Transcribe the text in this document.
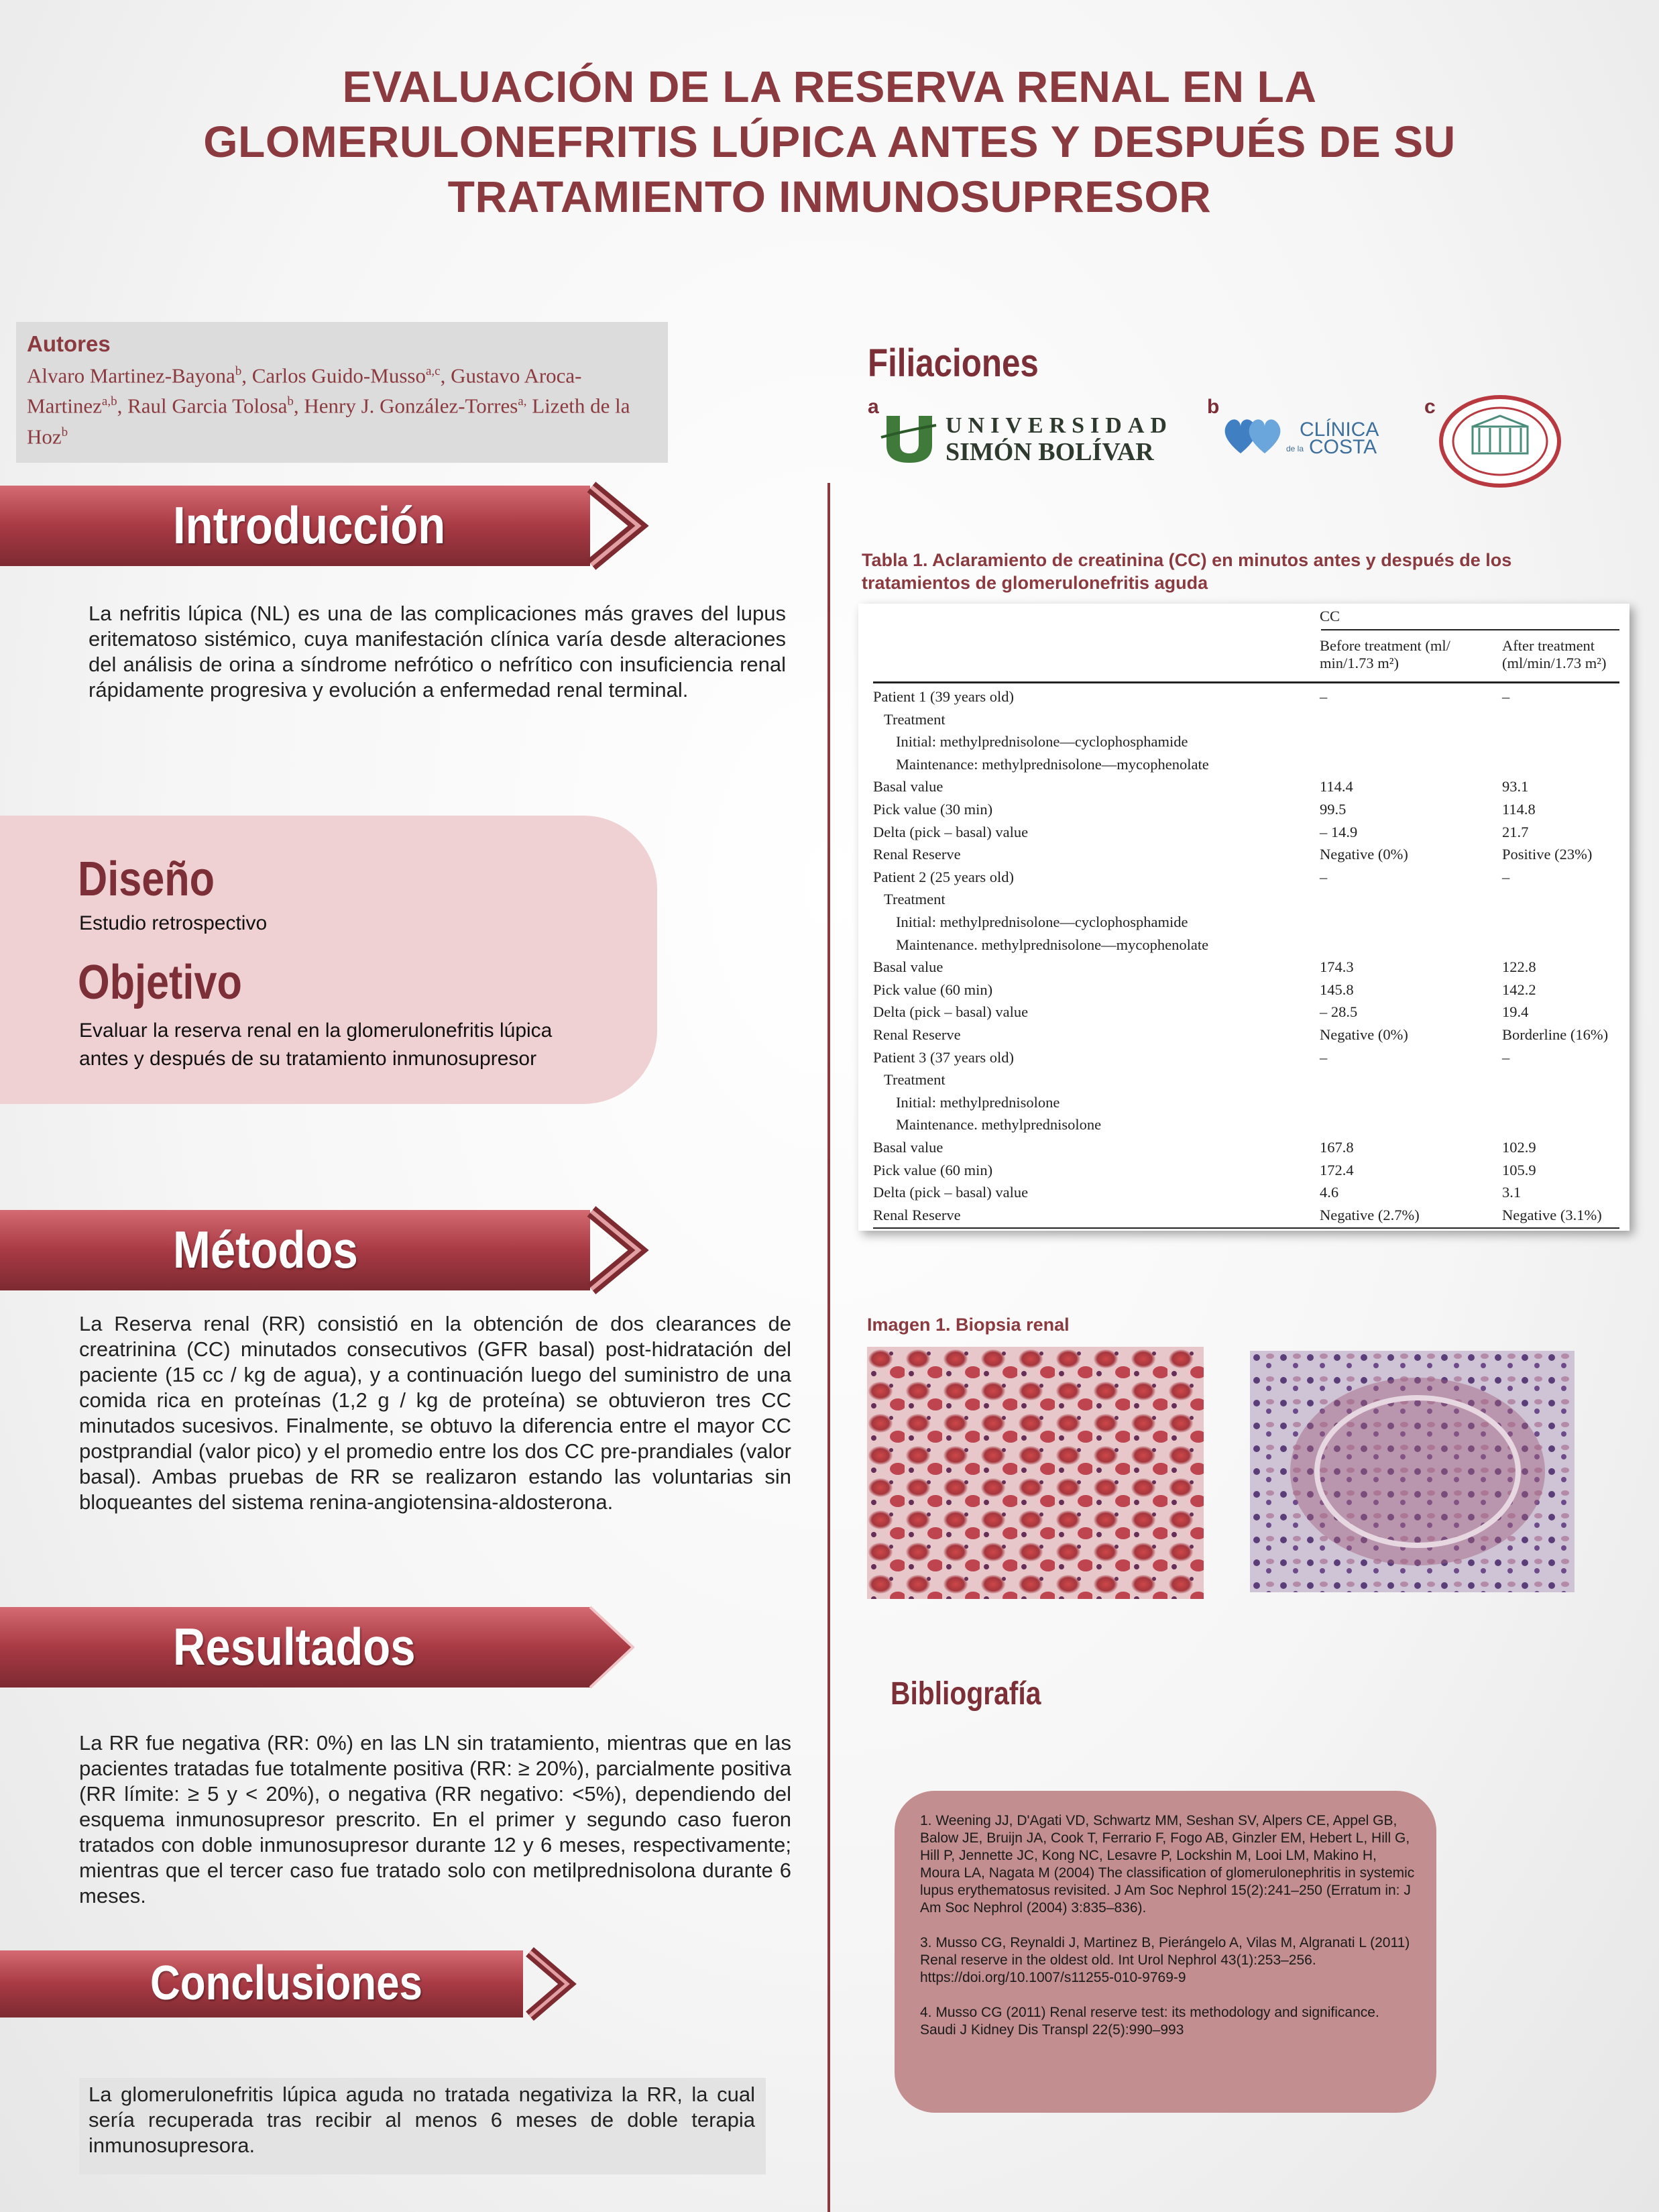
EVALUACIÓN DE LA RESERVA RENAL EN LA
GLOMERULONEFRITIS LÚPICA ANTES Y DESPUÉS DE SU
TRATAMIENTO INMUNOSUPRESOR
Autores
Alvaro Martinez-Bayona$^b$, Carlos Guido-Musso$^{a,c}$, Gustavo Aroca-Martinez$^{a,b}$, Raul Garcia Tolosa$^b$, Henry J. González-Torres$^{a,}$ Lizeth de la Hoz$^b$
Introducción
La nefritis lúpica (NL) es una de las complicaciones más graves del lupus eritematoso sistémico, cuya manifestación clínica varía desde alteraciones del análisis de orina a síndrome nefrótico o nefrítico con insuficiencia renal rápidamente progresiva y evolución a enfermedad renal terminal.
Diseño
Estudio retrospectivo
Objetivo
Evaluar la reserva renal en la glomerulonefritis lúpica
antes y después de su tratamiento inmunosupresor
Métodos
La Reserva renal (RR) consistió en la obtención de dos clearances de creatrinina (CC) minutados consecutivos (GFR basal) post-hidratación del paciente (15 cc / kg de agua), y a continuación luego del suministro de una comida rica en proteínas (1,2 g / kg de proteína) se obtuvieron tres CC minutados sucesivos. Finalmente, se obtuvo la diferencia entre el mayor CC postprandial (valor pico) y el promedio entre los dos CC pre-prandiales (valor basal). Ambas pruebas de RR se realizaron estando las voluntarias sin bloqueantes del sistema renina-angiotensina-aldosterona.
Resultados
La RR fue negativa (RR: 0%) en las LN sin tratamiento, mientras que en las pacientes tratadas fue totalmente positiva (RR: ≥ 20%), parcialmente positiva (RR límite: ≥ 5 y < 20%), o negativa (RR negativo: <5%), dependiendo del esquema inmunosupresor prescrito. En el primer y segundo caso fueron tratados con doble inmunosupresor durante 12 y 6 meses, respectivamente; mientras que el tercer caso fue tratado solo con metilprednisolona durante 6 meses.
Conclusiones
La glomerulonefritis lúpica aguda no tratada negativiza la RR, la cual sería recuperada tras recibir al menos 6 meses de doble terapia inmunosupresora.
Filiaciones
a
UNIVERSIDAD
SIMÓN BOLÍVAR
b
CLÍNICA
de la COSTA
c
Tabla 1. Aclaramiento de creatinina (CC) en minutos antes y después de los tratamientos de glomerulonefritis aguda
CC
Before treatment (ml/ min/1.73 m²)
After treatment (ml/min/1.73 m²)
Patient 1 (39 years old)	–	–
Treatment
Initial: methylprednisolone—cyclophosphamide
Maintenance: methylprednisolone—mycophenolate
Basal value	114.4	93.1
Pick value (30 min)	99.5	114.8
Delta (pick – basal) value	– 14.9	21.7
Renal Reserve	Negative (0%)	Positive (23%)
Patient 2 (25 years old)	–	–
Treatment
Initial: methylprednisolone—cyclophosphamide
Maintenance. methylprednisolone—mycophenolate
Basal value	174.3	122.8
Pick value (60 min)	145.8	142.2
Delta (pick – basal) value	– 28.5	19.4
Renal Reserve	Negative (0%)	Borderline (16%)
Patient 3 (37 years old)	–	–
Treatment
Initial: methylprednisolone
Maintenance. methylprednisolone
Basal value	167.8	102.9
Pick value (60 min)	172.4	105.9
Delta (pick – basal) value	4.6	3.1
Renal Reserve	Negative (2.7%)	Negative (3.1%)
Imagen 1. Biopsia renal
Bibliografía

1. Weening JJ, D'Agati VD, Schwartz MM, Seshan SV, Alpers CE, Appel GB, Balow JE, Bruijn JA, Cook T, Ferrario F, Fogo AB, Ginzler EM, Hebert L, Hill G, Hill P, Jennette JC, Kong NC, Lesavre P, Lockshin M, Looi LM, Makino H, Moura LA, Nagata M (2004) The classification of glomerulonephritis in systemic lupus erythematosus revisited. J Am Soc Nephrol 15(2):241–250 (Erratum in: J Am Soc Nephrol (2004) 3:835–836).

3. Musso CG, Reynaldi J, Martinez B, Pierángelo A, Vilas M, Algranati L (2011) Renal reserve in the oldest old. Int Urol Nephrol 43(1):253–256. https://doi.org/10.1007/s11255-010-9769-9

4. Musso CG (2011) Renal reserve test: its methodology and significance. Saudi J Kidney Dis Transpl 22(5):990–993
